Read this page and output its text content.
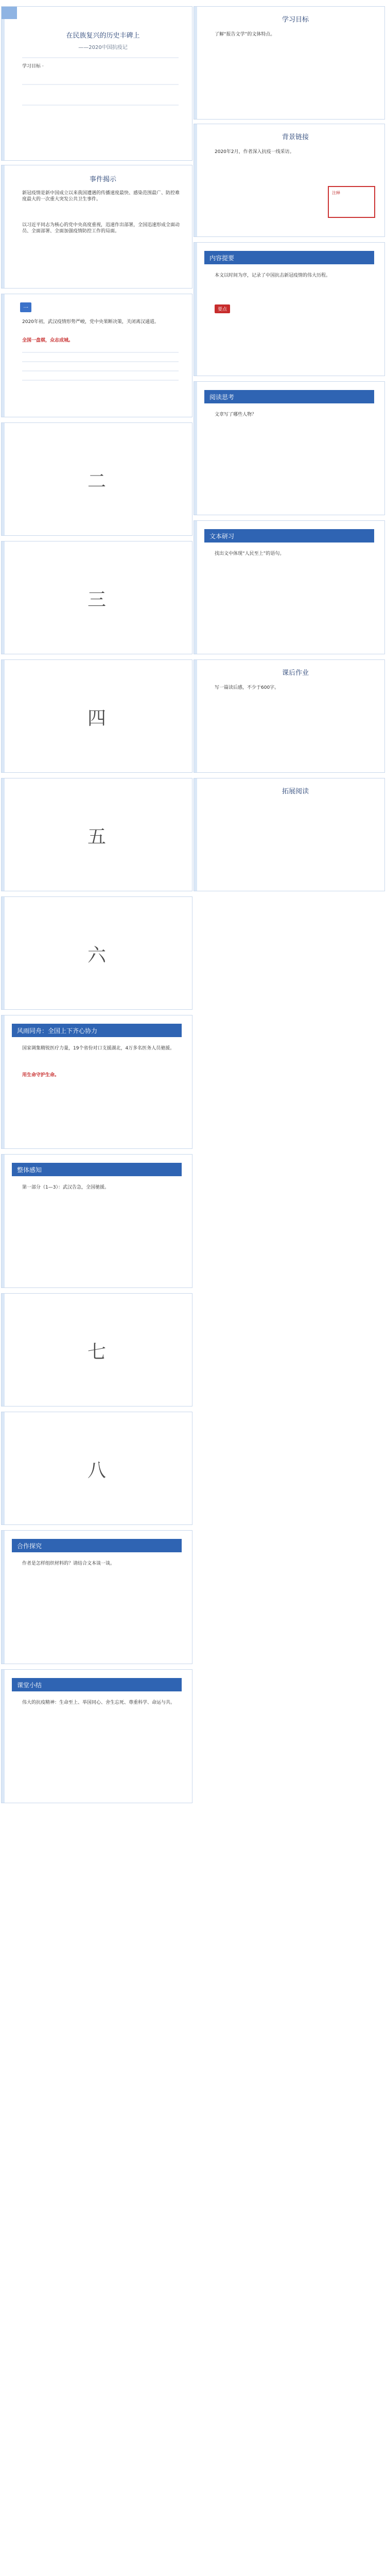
在民族复兴的历史丰碑上
——2020中国抗疫记
学习目标 ·
事件揭示
新冠疫情是新中国成立以来我国遭遇的传播速度最快、感染范围最广、防控难度最大的一次重大突发公共卫生事件。
以习近平同志为核心的党中央高度重视，迅速作出部署，全国迅速形成全面动员、全面部署、全面加强疫情防控工作的局面。
一
2020年初，武汉疫情形势严峻，党中央果断决策，关闭离汉通道。
全国一盘棋，众志成城。
二
三
四
五
六
风雨同舟：全国上下齐心协力
国家调集精锐医疗力量，19个省份对口支援湖北，4万多名医务人员驰援。
用生命守护生命。
整体感知
第一部分（1—3）：武汉告急，全国驰援。
七
八
合作探究
作者是怎样组织材料的？请结合文本谈一谈。
课堂小结
伟大的抗疫精神：生命至上、举国同心、舍生忘死、尊重科学、命运与共。
学习目标
了解“报告文学”的文体特点。
背景链接
2020年2月，作者深入抗疫一线采访。
注释
内容提要
本文以时间为序，记录了中国抗击新冠疫情的伟大历程。
要点
阅读思考
文章写了哪些人物？
文本研习
找出文中体现“人民至上”的语句。
课后作业
写一篇读后感，不少于600字。
拓展阅读
